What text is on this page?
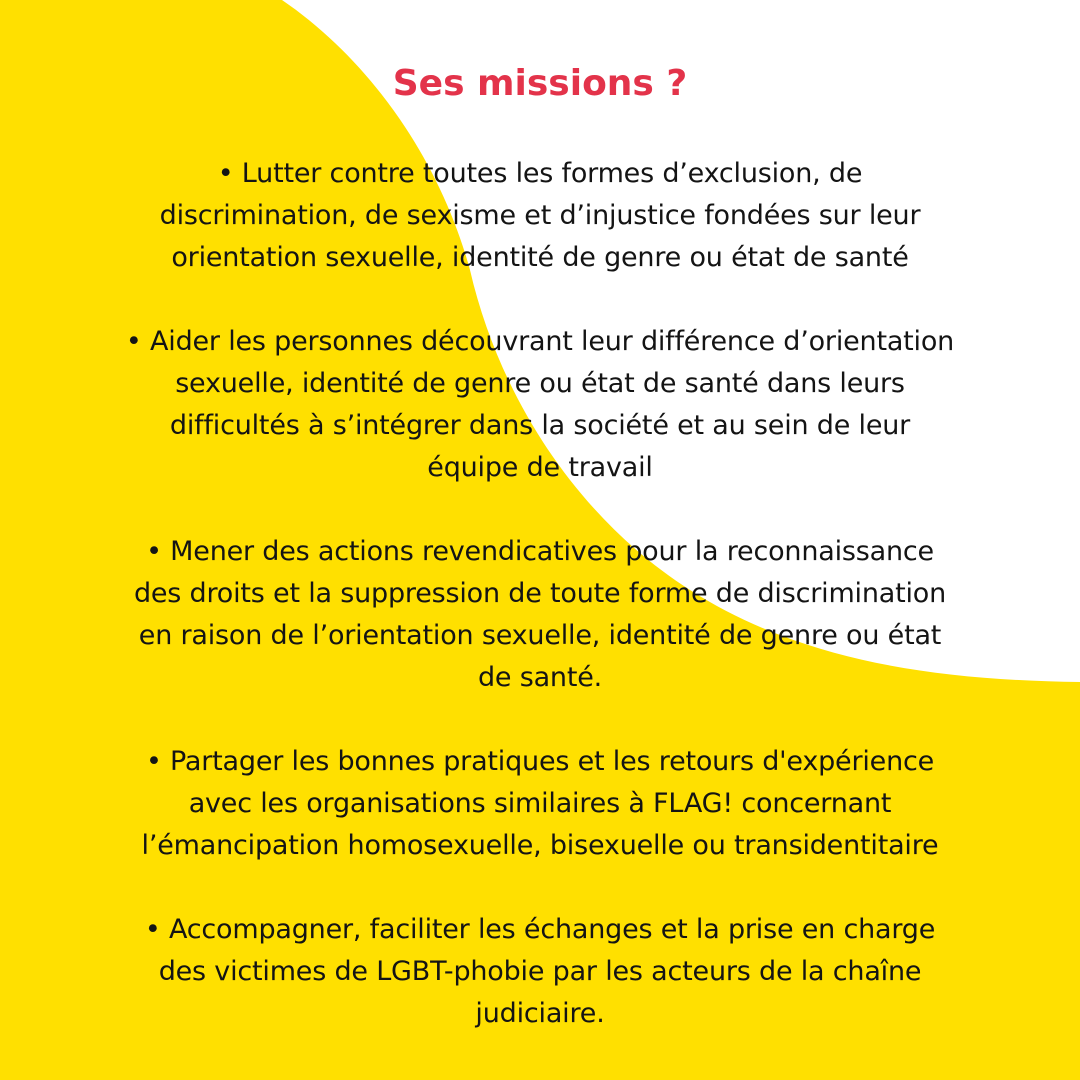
Ses missions ?

• Lutter contre toutes les formes d’exclusion, de
discrimination, de sexisme et d’injustice fondées sur leur
orientation sexuelle, identité de genre ou état de santé

• Aider les personnes découvrant leur différence d’orientation
sexuelle, identité de genre ou état de santé dans leurs
difficultés à s’intégrer dans la société et au sein de leur
équipe de travail

• Mener des actions revendicatives pour la reconnaissance
des droits et la suppression de toute forme de discrimination
en raison de l’orientation sexuelle, identité de genre ou état
de santé.

• Partager les bonnes pratiques et les retours d'expérience
avec les organisations similaires à FLAG! concernant
l’émancipation homosexuelle, bisexuelle ou transidentitaire

• Accompagner, faciliter les échanges et la prise en charge
des victimes de LGBT-phobie par les acteurs de la chaîne
judiciaire.
